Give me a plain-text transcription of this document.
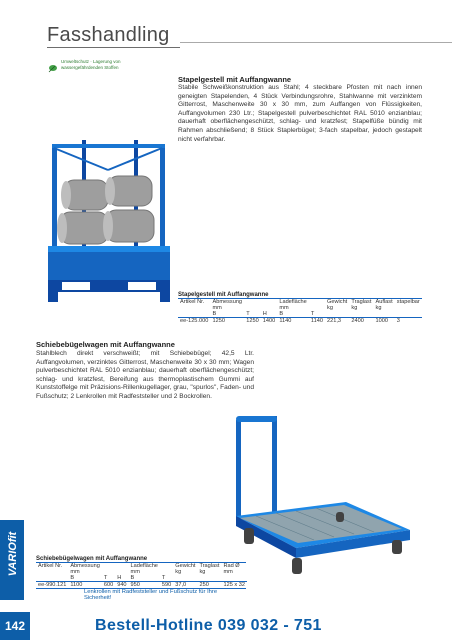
Fasshandling
Umweltschutz · Lagerung von
wassergefährdenden Stoffen
Stapelgestell mit Auffangwanne
Stabile Schweißkonstruktion aus Stahl; 4 steckbare Pfosten mit nach innen geneigten Stapelenden, 4 Stück Verbindungsrohre, Stahlwanne mit verzinktem Gitterrost, Maschenweite 30 x 30 mm, zum Auffangen von Flüssigkeiten, Auffangvolumen 230 Ltr.; Stapelgestell pulverbeschichtet RAL 5010 enzianblau; dauerhaft oberflächengeschützt, schlag- und kratzfest; Stapelfüße bündig mit Rahmen abschließend; 8 Stück Staplerbügel; 3-fach stapelbar, jedoch gestapelt nicht verfahrbar.
Stapelgestell mit Auffangwanne
Artikel Nr.	Abmessung			Ladefläche		Gewicht	Traglast	Auflast	stapelbar
	mm			mm		kg	kg	kg	
	B	T	H	B	T				
ee-125.000	1250	1250	1400	1140	1140	221,3	2400	1000	3
Schiebebügelwagen mit Auffangwanne
Stahlblech direkt verschweißt; mit Schiebebügel; 42,5 Ltr. Auffangvolumen, verzinktes Gitterrost, Maschenweite 30 x 30 mm; Wagen pulverbeschichtet RAL 5010 enzianblau; dauerhaft oberflächengeschützt; schlag- und kratzfest, Bereifung aus thermoplastischem Gummi auf Kunststoffelge mit Präzisions-Rillenkugellager, grau, "spurlos", Faden- und Fußschutz; 2 Lenkrollen mit Radfeststeller und 2 Bockrollen.
Schiebebügelwagen mit Auffangwanne
Artikel Nr.	Abmessung			Ladefläche		Gewicht	Traglast	Rad Ø
	mm			mm		kg	kg	mm
	B	T	H	B	T			
ee-990.121	1100	600	940	950	590	37,0	250	125 x 32
Lenkrollen mit Radfeststeller und Fußschutz für Ihre Sicherheit!
VARIOfit
142	Bestell-Hotline 039 032 - 751
